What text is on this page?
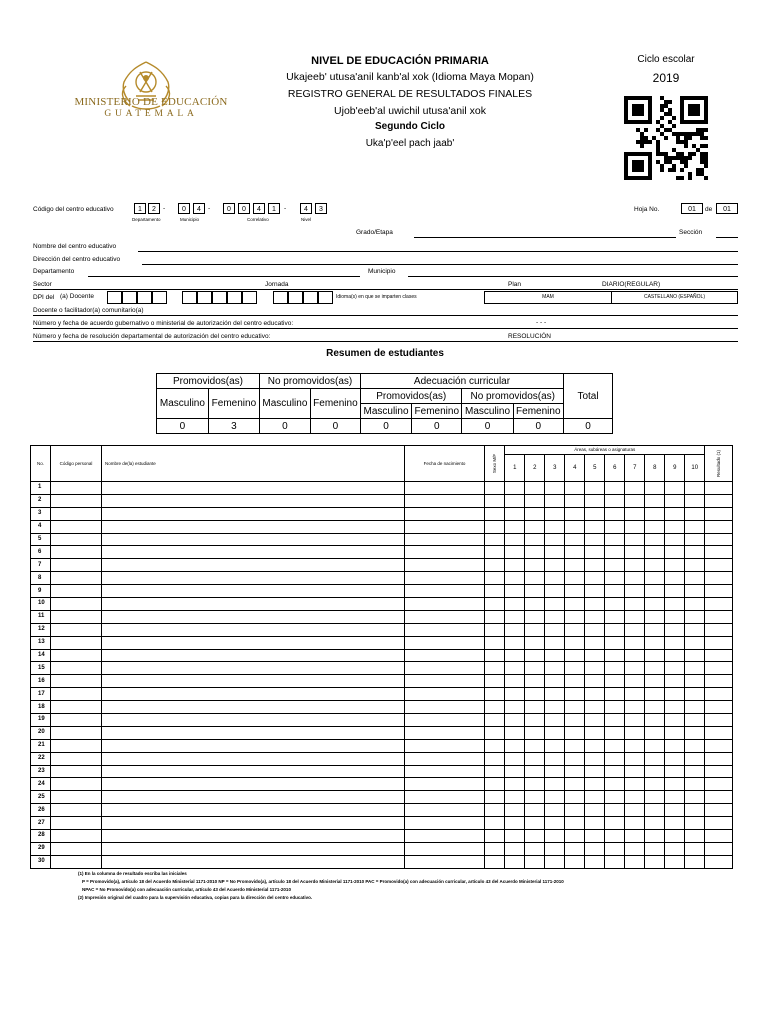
MINISTERIO DE EDUCACIÓN
GUATEMALA
NIVEL DE EDUCACIÓN PRIMARIA
Ukajeeb' utusa'anil kanb'al xok (Idioma Maya Mopan)
REGISTRO GENERAL DE RESULTADOS FINALES
Ujob'eeb'al uwichil utusa'anil xok
Segundo Ciclo
Uka'p'eel pach jaab'
Ciclo escolar
2019
Código del centro educativo	1	2	-	0	4	-	0	0	4	1	-	4	3
Departamento	Municipio	Correlativo	Nivel
Hoja No.	01	de	01
Grado/Etapa	Sección
Nombre del centro educativo
Dirección del centro educativo
Departamento	Municipio
Sector	Jornada	Plan	DIARIO(REGULAR)
DPI del (a) Docente	Idioma(s) en que se imparten clases	MAM	CASTELLANO (ESPAÑOL)
Docente o facilitador(a) comunitario(a)
Número y fecha de acuerdo gubernativo o ministerial de autorización del centro educativo:	- - -
Número y fecha de resolución departamental de autorización del centro educativo:	RESOLUCIÓN
Resumen de estudiantes
Promovidos(as)		No promovidos(as)		Adecuación curricular				Total
Masculino	Femenino	Masculino	Femenino	Promovidos(as)		No promovidos(as)		
				Masculino	Femenino	Masculino	Femenino	
0	3	0	0	0	0	0	0	0
No.	Código personal	Nombre de(la) estudiante	Fecha de nacimiento	Sexo M/F	Áreas, subáreas o asignaturas										Resultado (1)
					1	2	3	4	5	6	7	8	9	10	
1															
2															
3															
4															
5															
6															
7															
8															
9															
10															
11															
12															
13															
14															
15															
16															
17															
18															
19															
20															
21															
22															
23															
24															
25															
26															
27															
28															
29															
30															
(1) En la columna de resultado escriba las iniciales
P = Promovido(a), artículo 18 del Acuerdo Ministerial 1171-2010 NP = No Promovido(a), artículo 18 del Acuerdo Ministerial 1171-2010 PAC = Promovido(a) con adecuación curricular, artículo 43 del Acuerdo Ministerial 1171-2010
NPAC = No Promovido(a) con adecuación curricular, artículo 43 del Acuerdo Ministerial 1171-2010
(2) Impresión original del cuadro para la supervisión educativa, copias para la dirección del centro educativo.
